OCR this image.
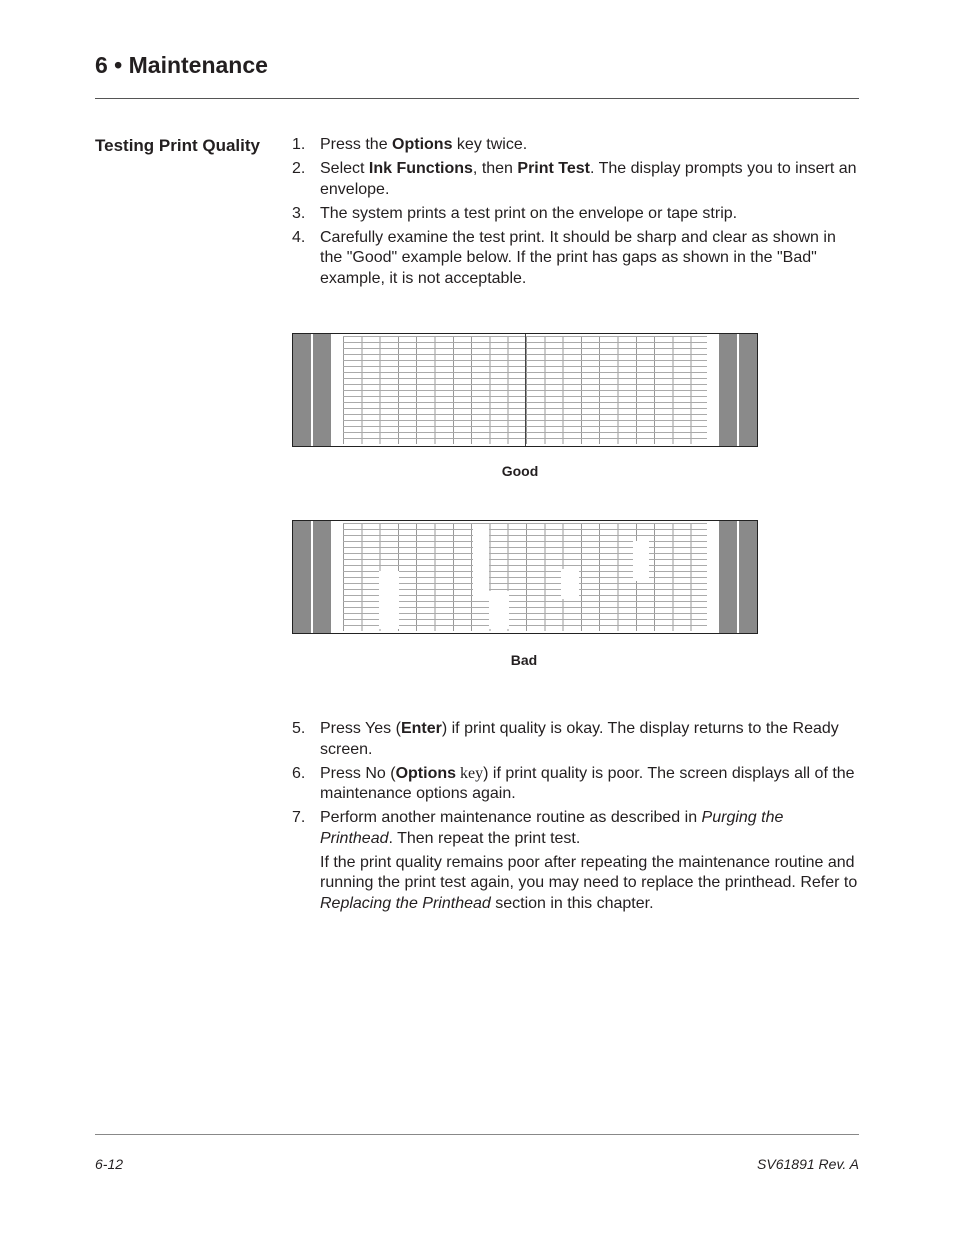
6 • Maintenance
Testing Print Quality	1. Press the Options key twice.
2. Select Ink Functions, then Print Test. The display prompts you to insert an envelope.
3. The system prints a test print on the envelope or tape strip.
4. Carefully examine the test print. It should be sharp and clear as shown in the "Good" example below. If the print has gaps as shown in the "Bad" example, it is not acceptable.
Good
Bad
5. Press Yes (Enter) if print quality is okay. The display returns to the Ready screen.
6. Press No (Options key) if print quality is poor. The screen displays all of the maintenance options again.
7. Perform another maintenance routine as described in Purging the Printhead. Then repeat the print test.

If the print quality remains poor after repeating the maintenance routine and running the print test again, you may need to replace the printhead. Refer to Replacing the Printhead section in this chapter.

6-12	SV61891 Rev. A
